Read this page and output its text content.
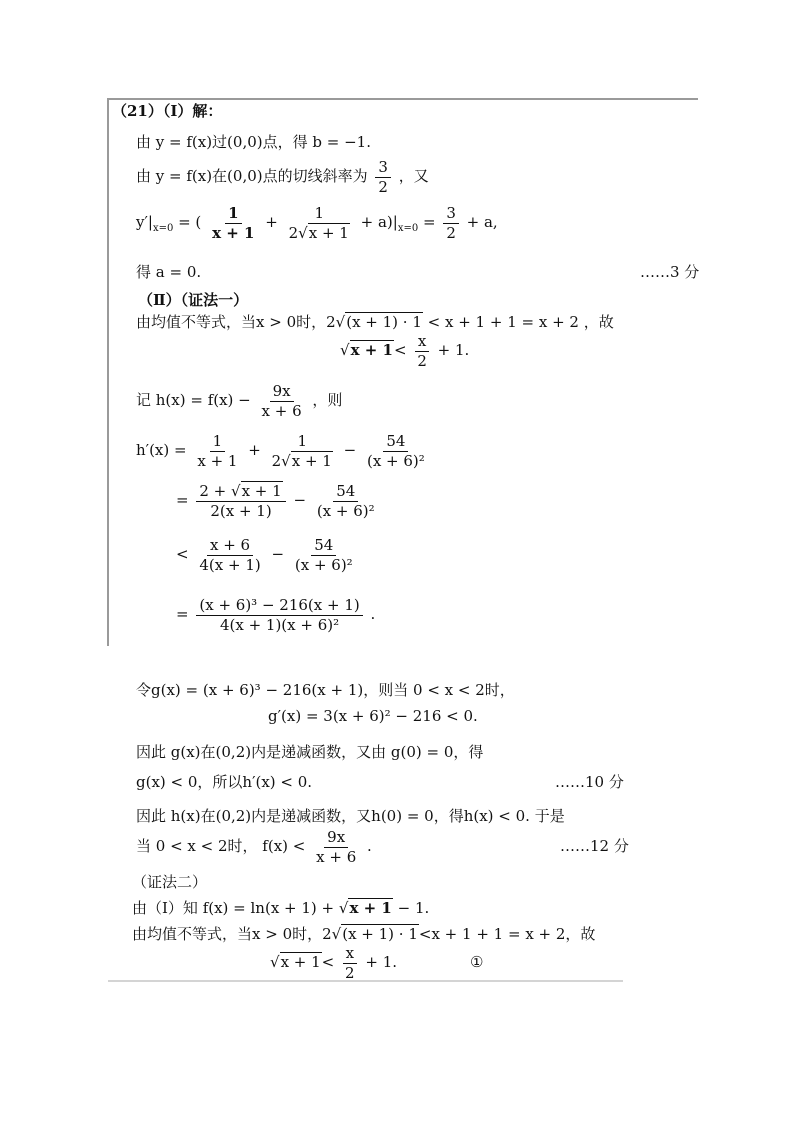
（21）（Ⅰ）解：
由 y = f(x)过(0,0)点，得 b = −1.
由 y = f(x)在(0,0)点的切线斜率为 $\frac{3}{2}$ ，又
$y'|_{x=0}$ = ( $\frac{1}{x + 1} + \frac{1}{2√x + 1} + a)|_{x=0} = \frac{3}{2} + a$,
得 a = 0.	……3 分
（Ⅱ）（证法一）
由均值不等式，当x > 0时，2√(x + 1) · 1 < x + 1 + 1 = x + 2 ，故
$√x + 1< \frac{x}{2} + 1$.
记 $h(x) = f(x) - \frac{9x}{x + 6}$ ，则
$h'(x) = \frac{1}{x + 1} + \frac{1}{2√x + 1} - \frac{54}{\text{(x + 6)²}}$
= $\frac{2 + √x + 1}{2(x + 1)} - \frac{54}{\text{(x + 6)²}}$
< $\frac{x + 6}{4(x + 1)} - \frac{54}{\text{(x + 6)²}}$
= $\frac{\text{(x + 6)³ − 216(x + 1)}}{\text{4(x + 1)(x + 6)²}}$ .
令g(x) = (x + 6)³ − 216(x + 1)，则当 0 < x < 2时，
g′(x) = 3(x + 6)² − 216 < 0.
因此 g(x)在(0,2)内是递减函数，又由 g(0) = 0，得
g(x) < 0，所以h′(x) < 0.	……10 分
因此 h(x)在(0,2)内是递减函数，又h(0) = 0，得h(x) < 0. 于是
当 0 < x < 2时， $f(x) < \frac{9x}{x + 6}$ .	……12 分
（证法二）
由（Ⅰ）知 f(x) = ln(x + 1) + √x + 1 − 1.
由均值不等式，当x > 0时，2√(x + 1) · 1<x + 1 + 1 = x + 2，故
$√x + 1< \frac{x}{2} + 1$.	①
